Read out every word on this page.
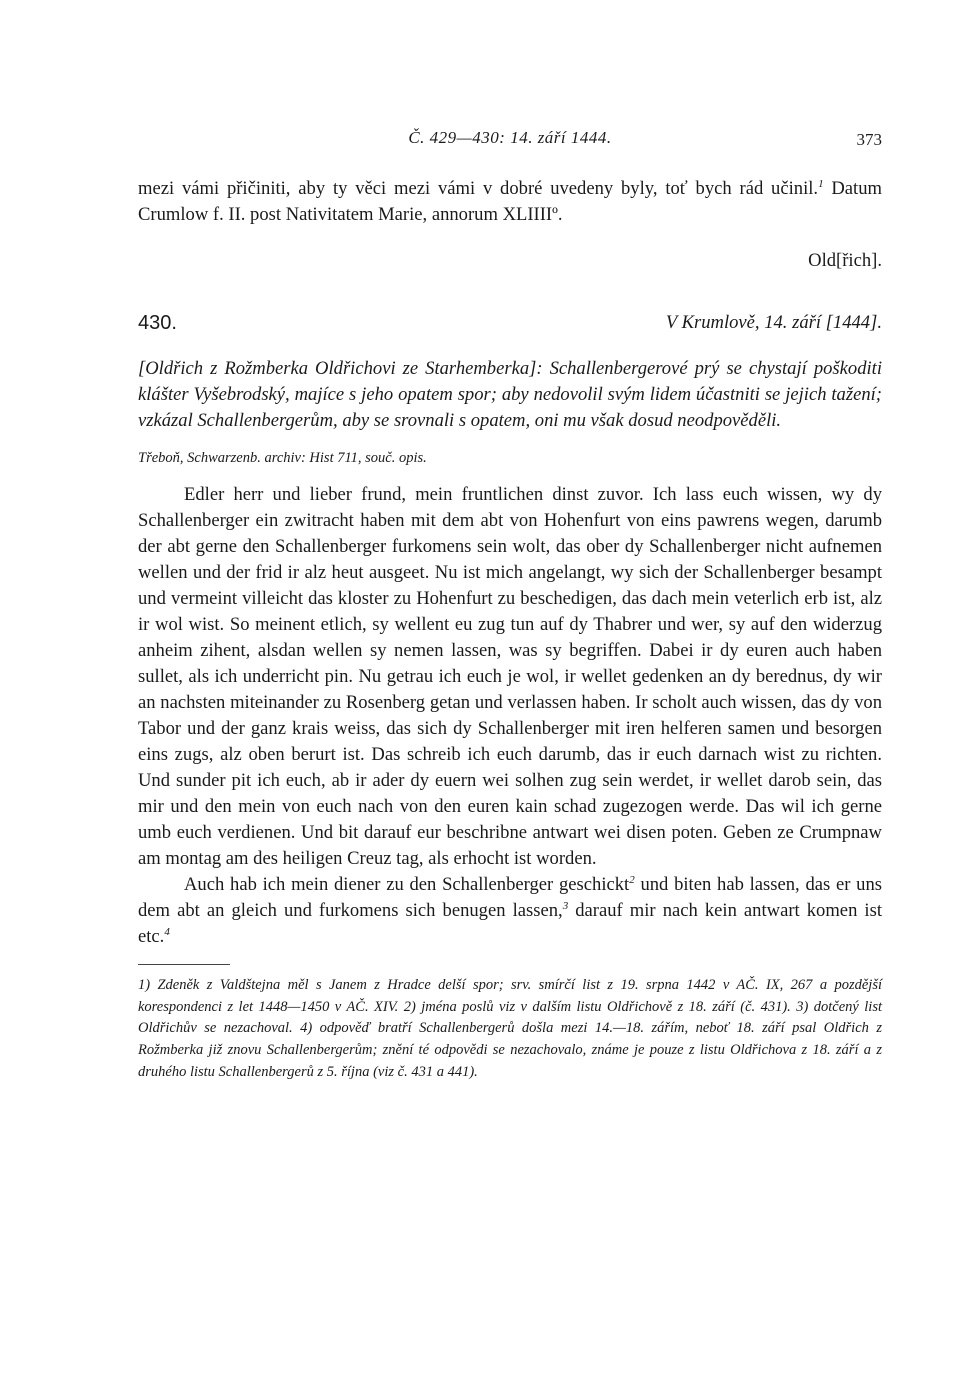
Č. 429—430: 14. září 1444.	373

mezi vámi přičiniti, aby ty věci mezi vámi v dobré uvedeny byly, toť bych rád učinil.$^1$ Datum Crumlow f. II. post Nativitatem Marie, annorum XLIIIIº.

Old[řich].
430.	V Krumlově, 14. září [1444].
[Oldřich z Rožmberka Oldřichovi ze Starhemberka]: Schallenbergerové prý se chystají poškoditi klášter Vyšebrodský, majíce s jeho opatem spor; aby nedovolil svým lidem účastniti se jejich tažení; vzkázal Schallenbergerům, aby se srovnali s opatem, oni mu však dosud neodpověděli.
Třeboň, Schwarzenb. archiv: Hist 711, souč. opis.

Edler herr und lieber frund, mein fruntlichen dinst zuvor. Ich lass euch wissen, wy dy Schallenberger ein zwitracht haben mit dem abt von Hohenfurt von eins pawrens wegen, darumb der abt gerne den Schallenberger furkomens sein wolt, das ober dy Schallenberger nicht aufnemen wellen und der frid ir alz heut ausgeet. Nu ist mich angelangt, wy sich der Schallenberger besampt und vermeint villeicht das kloster zu Hohenfurt zu beschedigen, das dach mein veterlich erb ist, alz ir wol wist. So meinent etlich, sy wellent eu zug tun auf dy Thabrer und wer, sy auf den widerzug anheim zihent, alsdan wellen sy nemen lassen, was sy begriffen. Dabei ir dy euren auch haben sullet, als ich underricht pin. Nu getrau ich euch je wol, ir wellet gedenken an dy berednus, dy wir an nachsten miteinander zu Rosenberg getan und verlassen haben. Ir scholt auch wissen, das dy von Tabor und der ganz krais weiss, das sich dy Schallenberger mit iren helferen samen und besorgen eins zugs, alz oben berurt ist. Das schreib ich euch darumb, das ir euch darnach wist zu richten. Und sunder pit ich euch, ab ir ader dy euern wei solhen zug sein werdet, ir wellet darob sein, das mir und den mein von euch nach von den euren kain schad zugezogen werde. Das wil ich gerne umb euch verdienen. Und bit darauf eur beschribne antwart wei disen poten. Geben ze Crumpnaw am montag am des heiligen Creuz tag, als erhocht ist worden.

Auch hab ich mein diener zu den Schallenberger geschickt$^2$ und biten hab lassen, das er uns dem abt an gleich und furkomens sich benugen lassen,$^3$ darauf mir nach kein antwart komen ist etc.$^4$

1) Zdeněk z Valdštejna měl s Janem z Hradce delší spor; srv. smírčí list z 19. srpna 1442 v AČ. IX, 267 a pozdější korespondenci z let 1448—1450 v AČ. XIV. 2) jména poslů viz v dalším listu Oldřichově z 18. září (č. 431). 3) dotčený list Oldřichův se nezachoval. 4) odpověď bratří Schallenbergerů došla mezi 14.—18. zářím, neboť 18. září psal Oldřich z Rožmberka již znovu Schallenbergerům; znění té odpovědi se nezachovalo, známe je pouze z listu Oldřichova z 18. září a z druhého listu Schallenbergerů z 5. října (viz č. 431 a 441).
